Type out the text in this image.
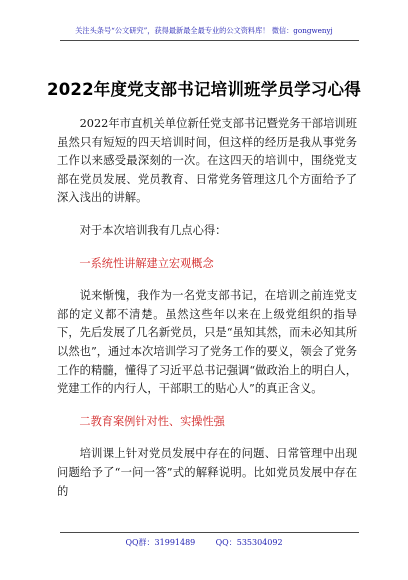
关注头条号“公文研究”，获得最新最全最专业的公文资料库！ 微信：gongwenyj
2022年度党支部书记培训班学员学习心得

2022年市直机关单位新任党支部书记暨党务干部培训班虽然只有短短的四天培训时间，但这样的经历是我从事党务工作以来感受最深刻的一次。在这四天的培训中，围绕党支部在党员发展、党员教育、日常党务管理这几个方面给予了深入浅出的讲解。

对于本次培训我有几点心得：

一系统性讲解建立宏观概念

说来惭愧，我作为一名党支部书记，在培训之前连党支部的定义都不清楚。虽然这些年以来在上级党组织的指导下，先后发展了几名新党员，只是“虽知其然，而未必知其所以然也”，通过本次培训学习了党务工作的要义，领会了党务工作的精髓，懂得了习近平总书记强调“做政治上的明白人，党建工作的内行人，干部职工的贴心人”的真正含义。

二教育案例针对性、实操性强

培训课上针对党员发展中存在的问题、日常管理中出现问题给予了“一问一答”式的解释说明。比如党员发展中存在的

QQ群：31991489        QQ：535304092
